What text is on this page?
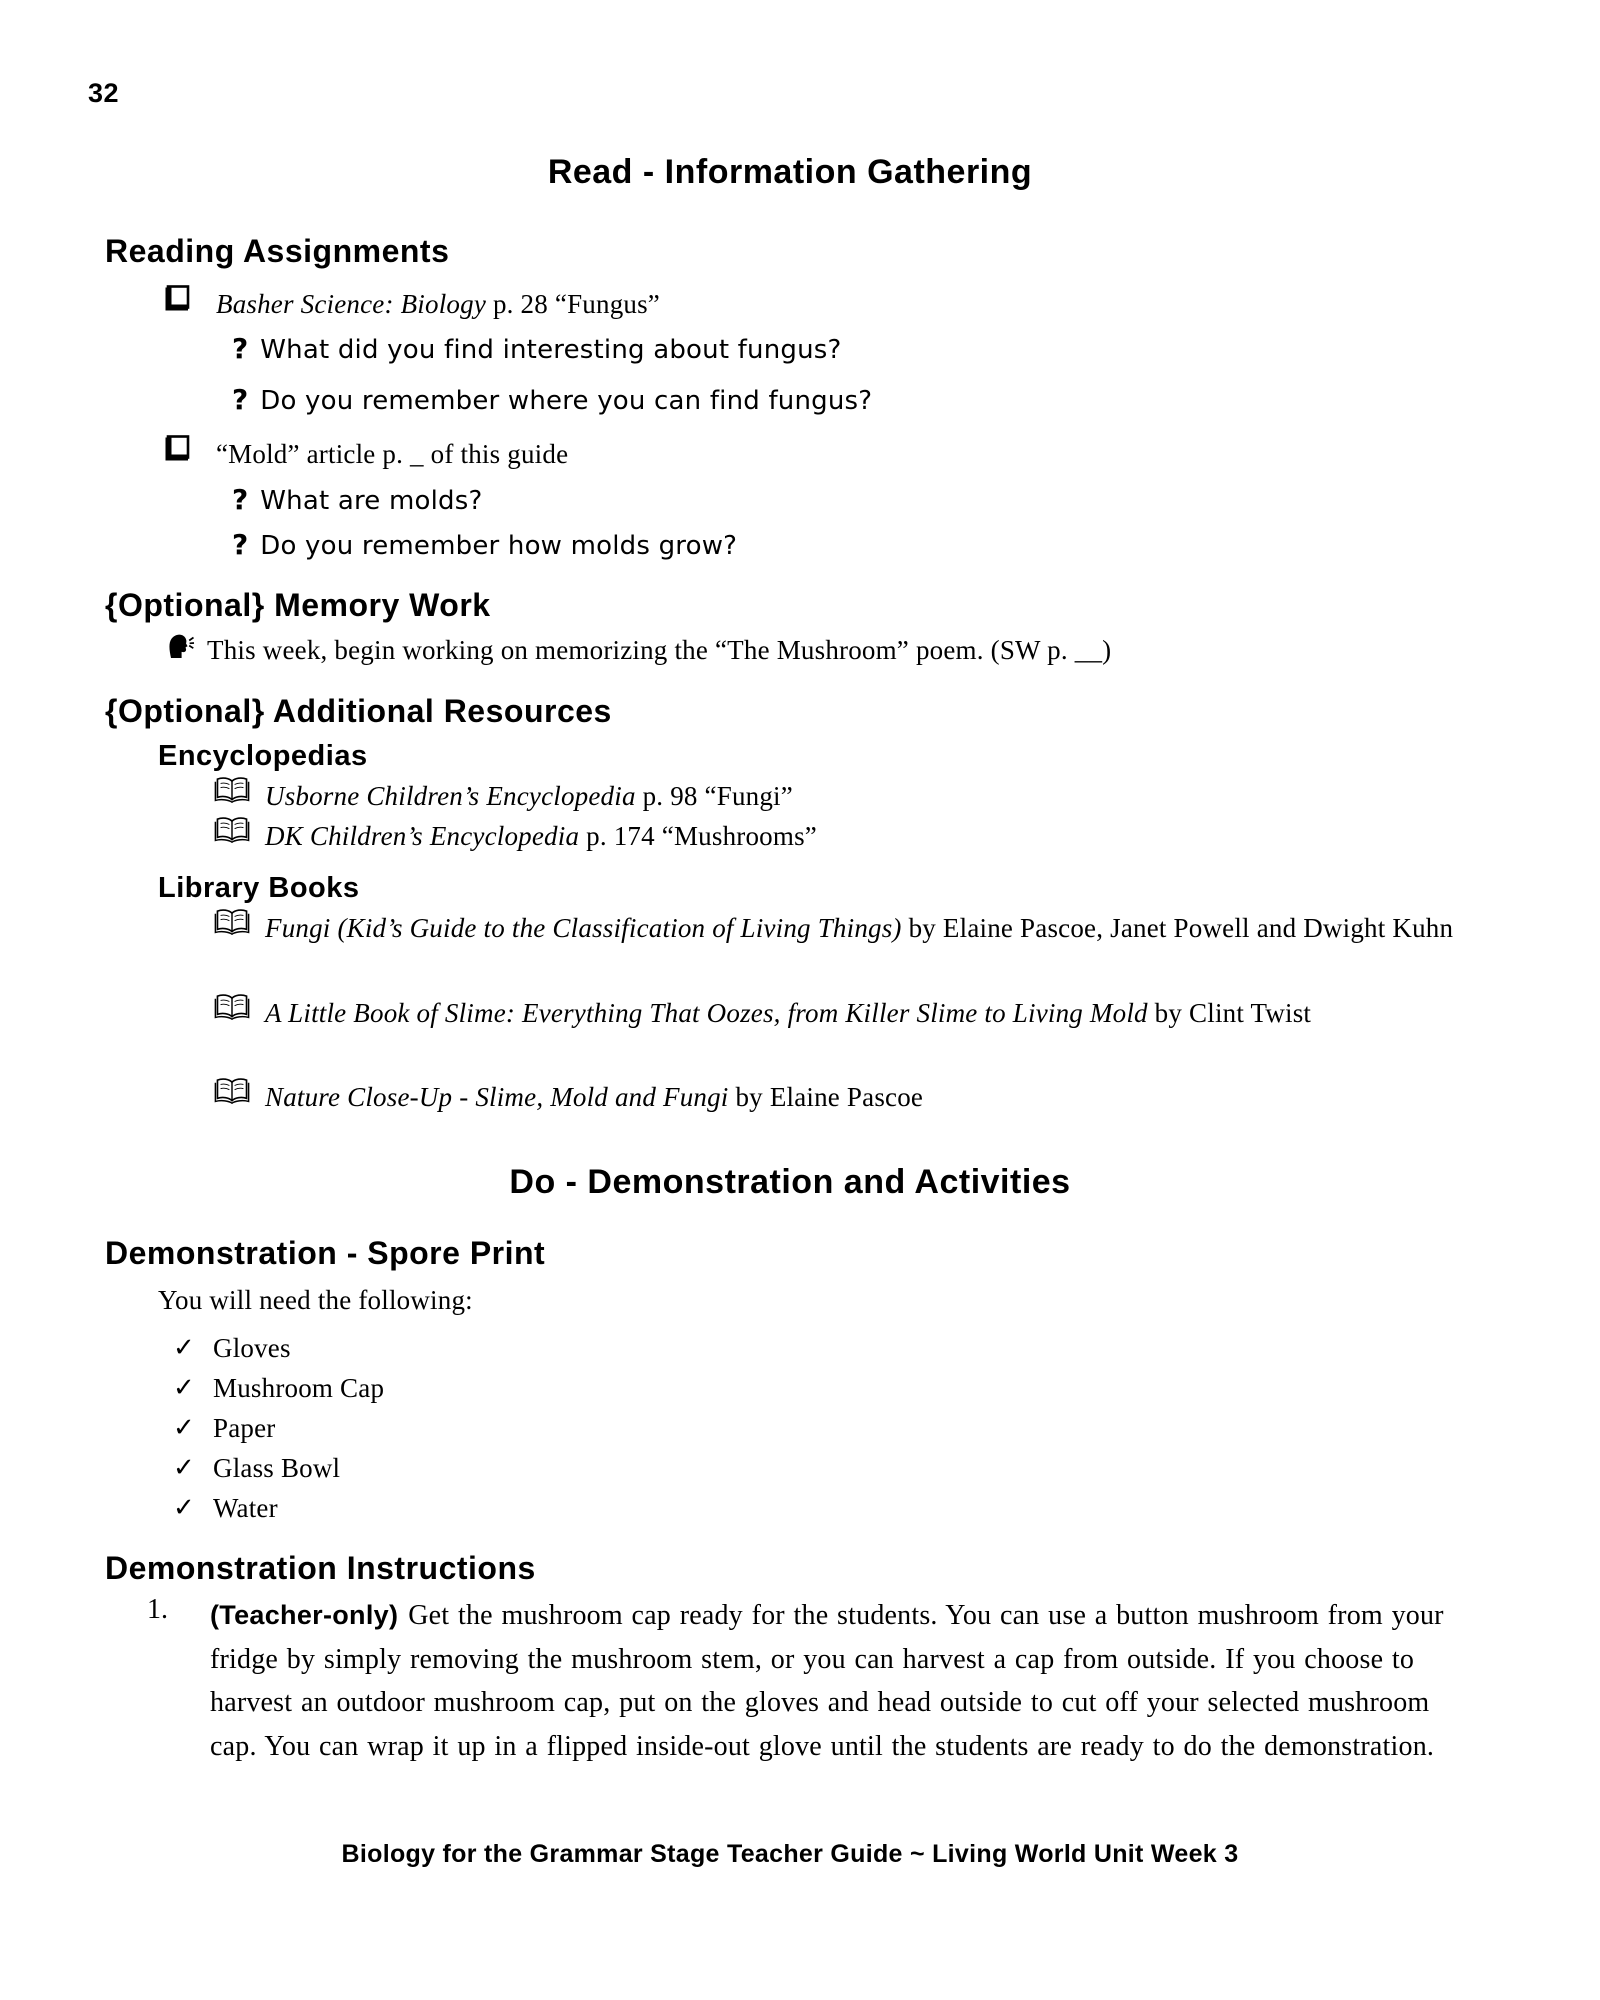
32
Read - Information Gathering
Reading Assignments
Basher Science: Biology p. 28 “Fungus”
? What did you find interesting about fungus?
? Do you remember where you can find fungus?
“Mold” article p. _ of this guide
? What are molds?
? Do you remember how molds grow?
{Optional} Memory Work
This week, begin working on memorizing the “The Mushroom” poem. (SW p. __)
{Optional} Additional Resources
Encyclopedias
Usborne Children’s Encyclopedia p. 98 “Fungi”
DK Children’s Encyclopedia p. 174 “Mushrooms”
Library Books
Fungi (Kid’s Guide to the Classification of Living Things) by Elaine Pascoe, Janet Powell and Dwight Kuhn
A Little Book of Slime: Everything That Oozes, from Killer Slime to Living Mold by Clint Twist
Nature Close-Up - Slime, Mold and Fungi by Elaine Pascoe
Do - Demonstration and Activities
Demonstration - Spore Print
You will need the following:
✓ Gloves
✓ Mushroom Cap
✓ Paper
✓ Glass Bowl
✓ Water
Demonstration Instructions
1. (Teacher-only) Get the mushroom cap ready for the students. You can use a button mushroom from your fridge by simply removing the mushroom stem, or you can harvest a cap from outside. If you choose to harvest an outdoor mushroom cap, put on the gloves and head outside to cut off your selected mushroom cap. You can wrap it up in a flipped inside-out glove until the students are ready to do the demonstration.
Biology for the Grammar Stage Teacher Guide ~ Living World Unit Week 3
